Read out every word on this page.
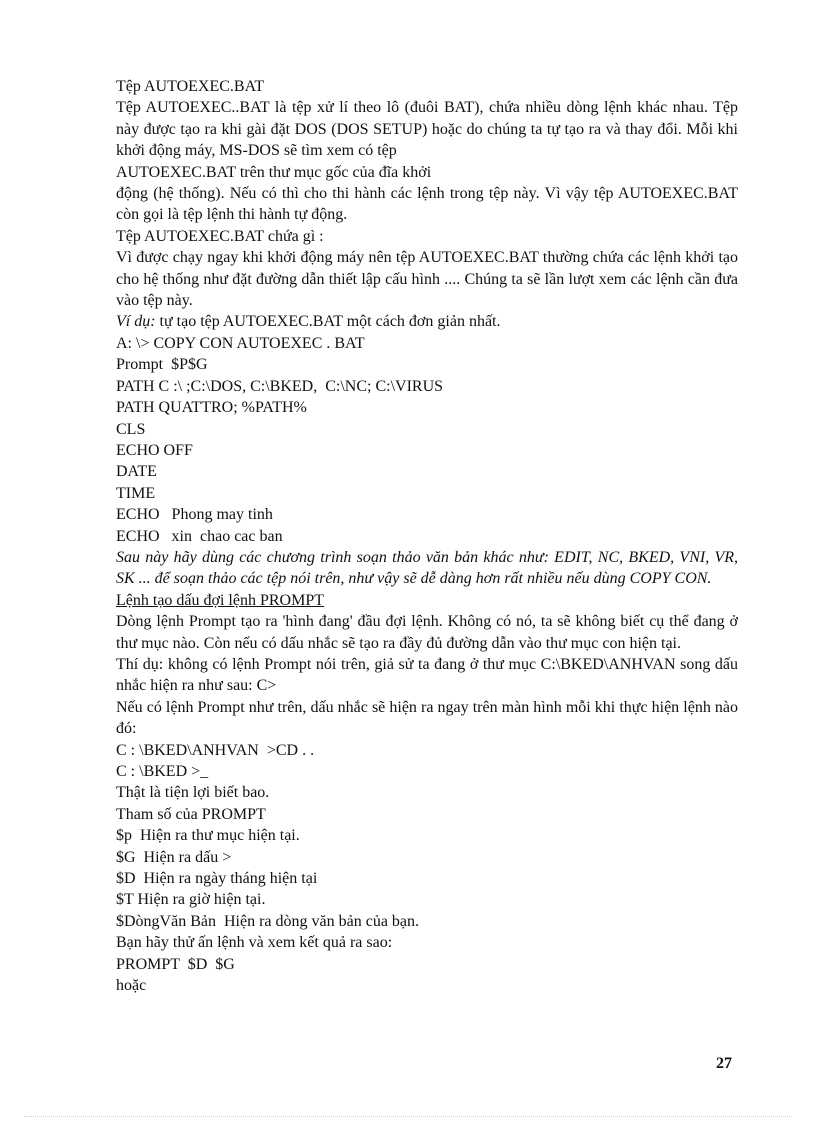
Tệp AUTOEXEC.BAT
Tệp AUTOEXEC..BAT là tệp xử lí theo lô (đuôi BAT), chứa nhiều dòng lệnh khác nhau. Tệp này được tạo ra khi gài đặt DOS (DOS SETUP) hoặc do chúng ta tự tạo ra và thay đổi. Mỗi khi khởi động máy, MS-DOS sẽ tìm xem có tệp
AUTOEXEC.BAT trên thư mục gốc của đĩa khởi
động (hệ thống). Nếu có thì cho thi hành các lệnh trong tệp này. Vì vậy tệp AUTOEXEC.BAT còn gọi là tệp lệnh thi hành tự động.
Tệp AUTOEXEC.BAT chứa gì :
Vì được chạy ngay khi khởi động máy nên tệp AUTOEXEC.BAT thường chứa các lệnh khởi tạo cho hệ thống như đặt đường dẫn thiết lập cấu hình .... Chúng ta sẽ lần lượt xem các lệnh cần đưa vào tệp này.
Ví dụ: tự tạo tệp AUTOEXEC.BAT một cách đơn giản nhất.
A: \> COPY CON AUTOEXEC . BAT
Prompt  $P$G
PATH C :\ ;C:\DOS, C:\BKED,  C:\NC; C:\VIRUS
PATH QUATTRO; %PATH%
CLS
ECHO OFF
DATE
TIME
ECHO   Phong may tinh
ECHO   xin  chao cac ban
Sau này hãy dùng các chương trình soạn thảo văn bản khác như: EDIT, NC, BKED, VNI, VR, SK ... để soạn thảo các tệp nói trên, như vậy sẽ dễ dàng hơn rất nhiều nếu dùng COPY CON.
Lệnh tạo dấu đợi lệnh PROMPT
Dòng lệnh Prompt tạo ra 'hình đang' đầu đợi lệnh. Không có nó, ta sẽ không biết cụ thể đang ở thư mục nào. Còn nếu có dấu nhắc sẽ tạo ra đầy đủ đường dẫn vào thư mục con hiện tại.
Thí dụ: không có lệnh Prompt nói trên, giả sử ta đang ở thư mục C:\BKED\ANHVAN song dấu nhắc hiện ra như sau: C>
Nếu có lệnh Prompt như trên, dấu nhắc sẽ hiện ra ngay trên màn hình mỗi khi thực hiện lệnh nào đó:
C : \BKED\ANHVAN  >CD . .
C : \BKED >_
Thật là tiện lợi biết bao.
Tham số của PROMPT
$p  Hiện ra thư mục hiện tại.
$G  Hiện ra dấu >
$D  Hiện ra ngày tháng hiện tại
$T Hiện ra giờ hiện tại.
$DòngVăn Bản  Hiện ra dòng văn bản của bạn.
Bạn hãy thử ấn lệnh và xem kết quả ra sao:
PROMPT  $D  $G
hoặc
27
